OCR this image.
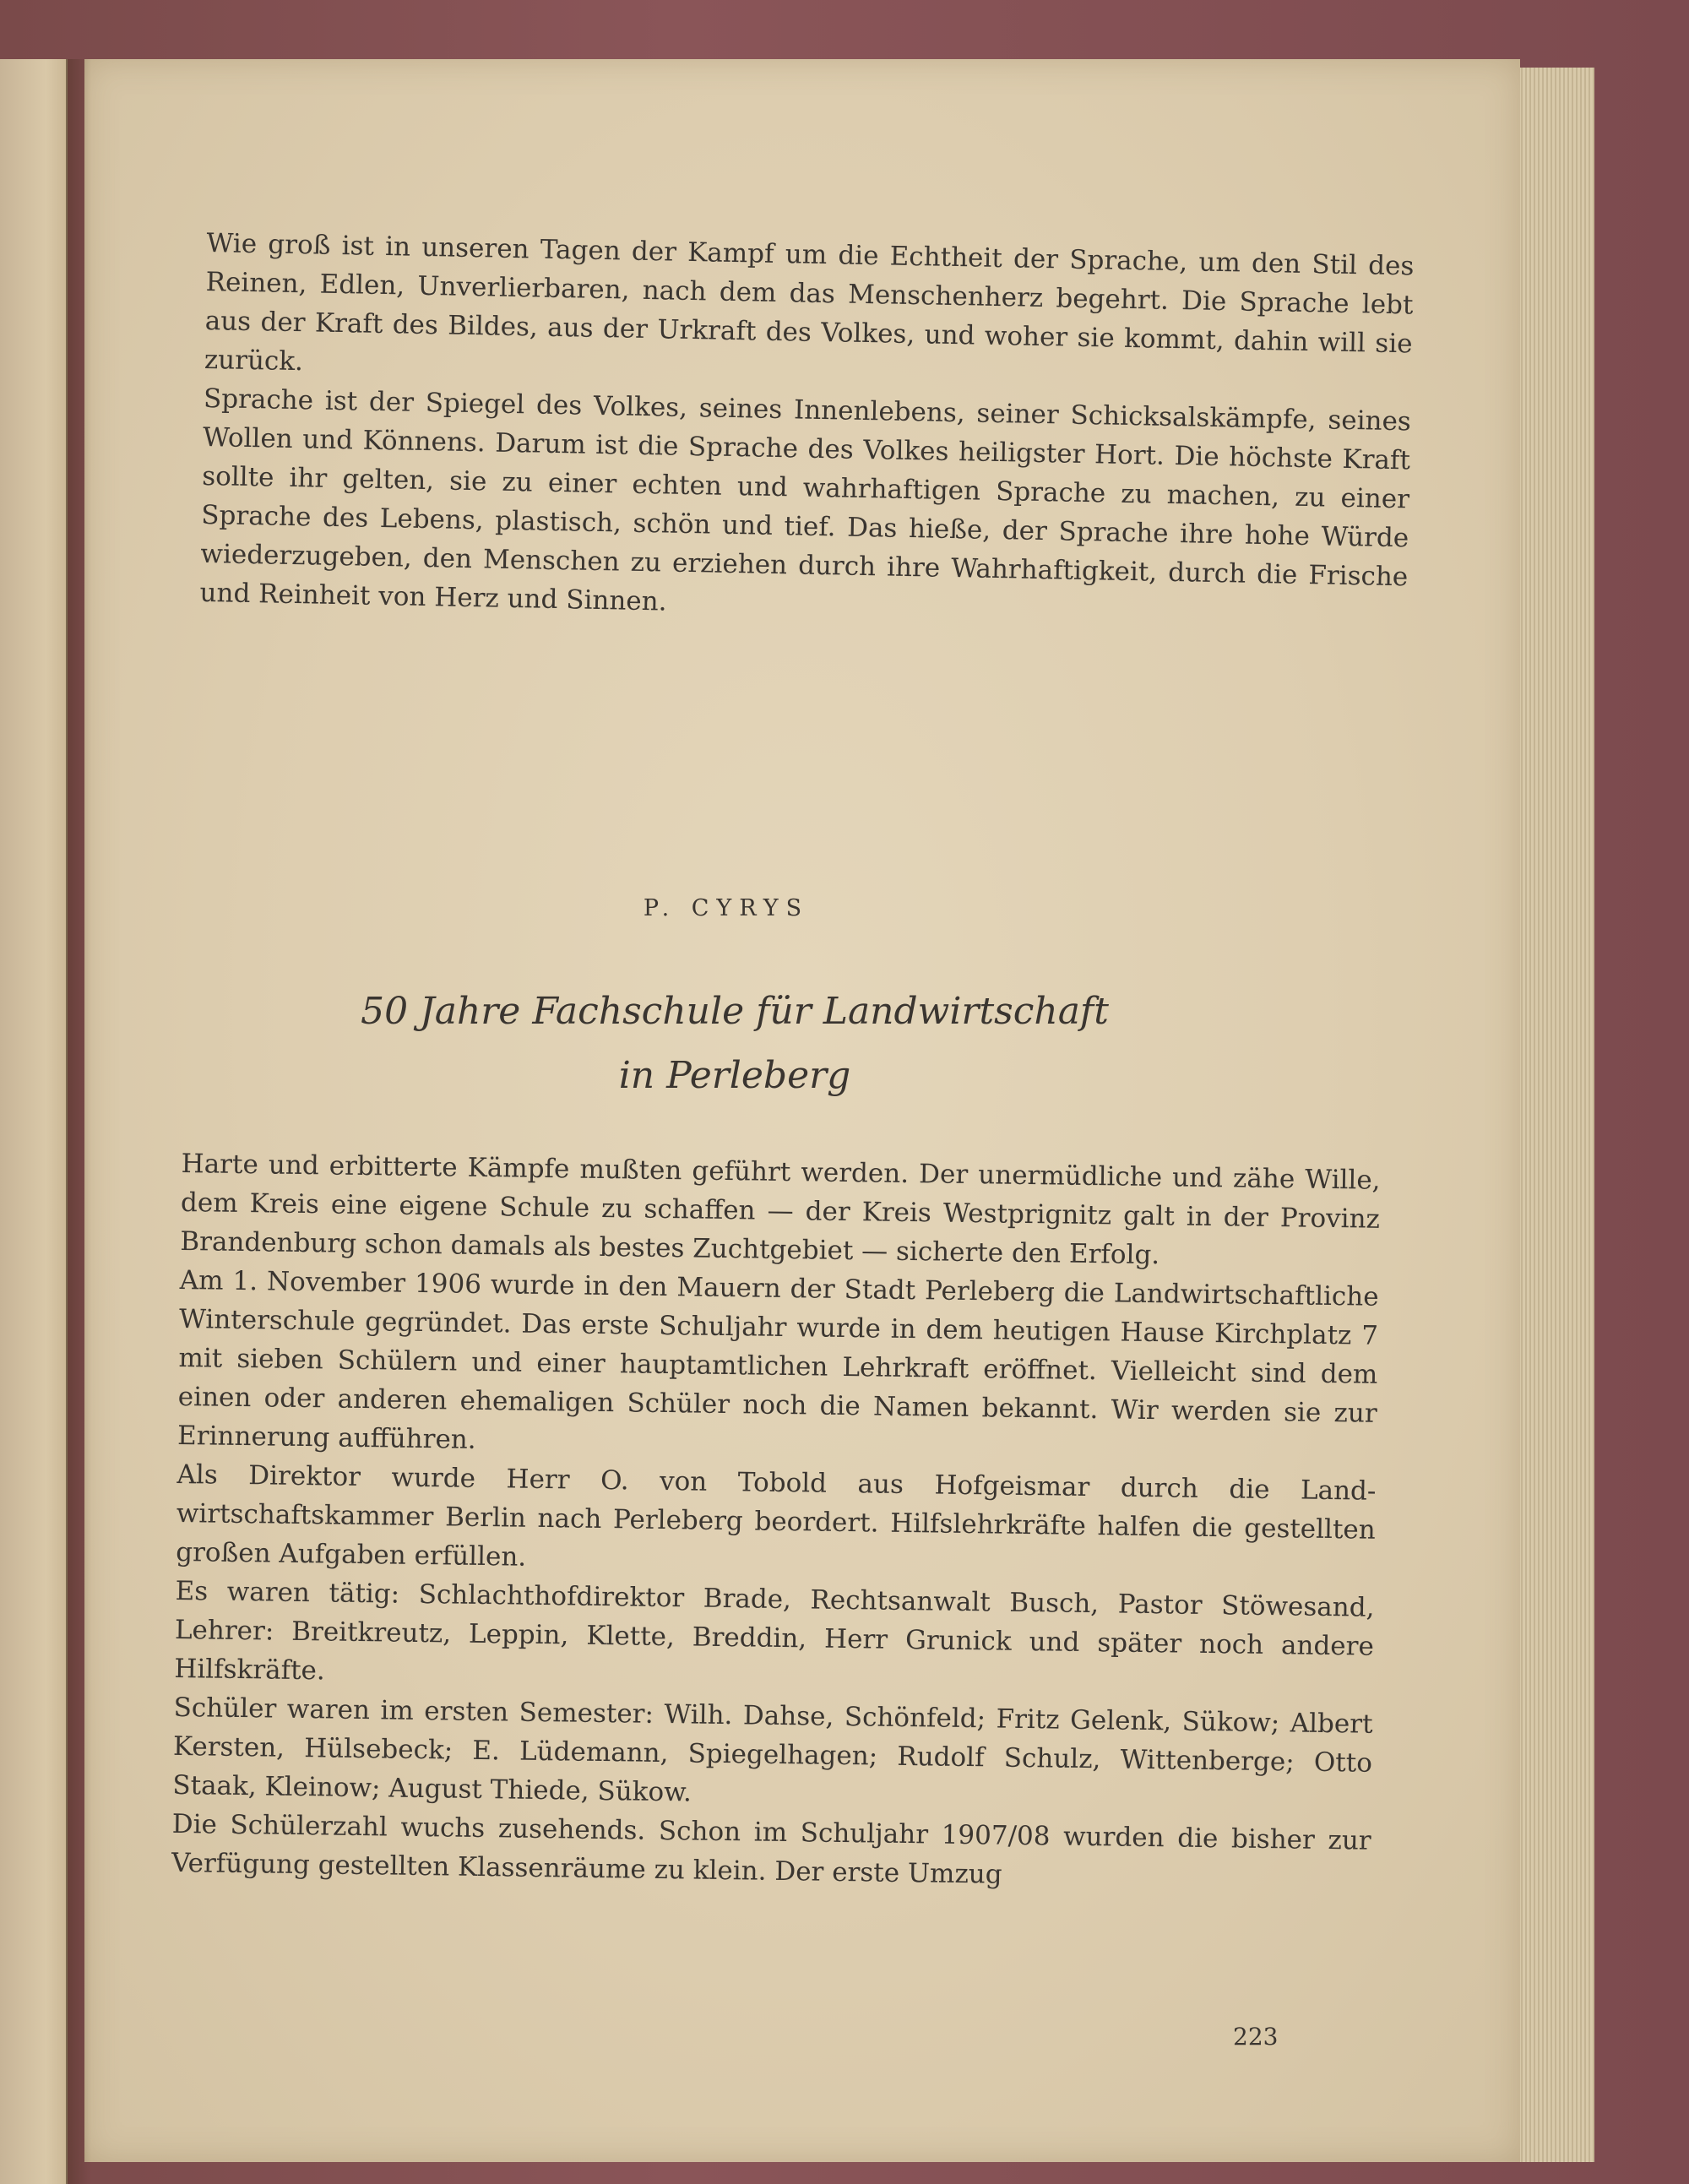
Wie groß ist in unseren Tagen der Kampf um die Echtheit der Sprache, um den Stil des Reinen, Edlen, Unverlierbaren, nach dem das Menschenherz begehrt. Die Sprache lebt aus der Kraft des Bildes, aus der Urkraft des Volkes, und woher sie kommt, dahin will sie zurück.

Sprache ist der Spiegel des Volkes, seines Innenlebens, seiner Schicksalskämpfe, seines Wollen und Könnens. Darum ist die Sprache des Volkes heiligster Hort. Die höchste Kraft sollte ihr gelten, sie zu einer echten und wahrhaftigen Sprache zu machen, zu einer Sprache des Lebens, plastisch, schön und tief. Das hieße, der Sprache ihre hohe Würde wiederzugeben, den Menschen zu erziehen durch ihre Wahrhaftigkeit, durch die Frische und Reinheit von Herz und Sinnen.

P. CYRYS
50 Jahre Fachschule für Landwirtschaft
in Perleberg

Harte und erbitterte Kämpfe mußten geführt werden. Der unermüdliche und zähe Wille, dem Kreis eine eigene Schule zu schaffen — der Kreis Westprignitz galt in der Provinz Brandenburg schon damals als bestes Zuchtgebiet — sicherte den Erfolg.

Am 1. November 1906 wurde in den Mauern der Stadt Perleberg die Landwirtschaftliche Winterschule gegründet. Das erste Schuljahr wurde in dem heutigen Hause Kirchplatz 7 mit sieben Schülern und einer hauptamtlichen Lehrkraft eröffnet. Vielleicht sind dem einen oder anderen ehemaligen Schüler noch die Namen bekannt. Wir werden sie zur Erinnerung aufführen.

Als Direktor wurde Herr O. von Tobold aus Hofgeismar durch die Landwirtschaftskammer Berlin nach Perleberg beordert. Hilfslehrkräfte halfen die gestellten großen Aufgaben erfüllen.

Es waren tätig: Schlachthofdirektor Brade, Rechtsanwalt Busch, Pastor Stöwesand, Lehrer: Breitkreutz, Leppin, Klette, Breddin, Herr Grunick und später noch andere Hilfskräfte.

Schüler waren im ersten Semester: Wilh. Dahse, Schönfeld; Fritz Gelenk, Sükow; Albert Kersten, Hülsebeck; E. Lüdemann, Spiegelhagen; Rudolf Schulz, Wittenberge; Otto Staak, Kleinow; August Thiede, Sükow.

Die Schülerzahl wuchs zusehends. Schon im Schuljahr 1907/08 wurden die bisher zur Verfügung gestellten Klassenräume zu klein. Der erste Umzug

223
